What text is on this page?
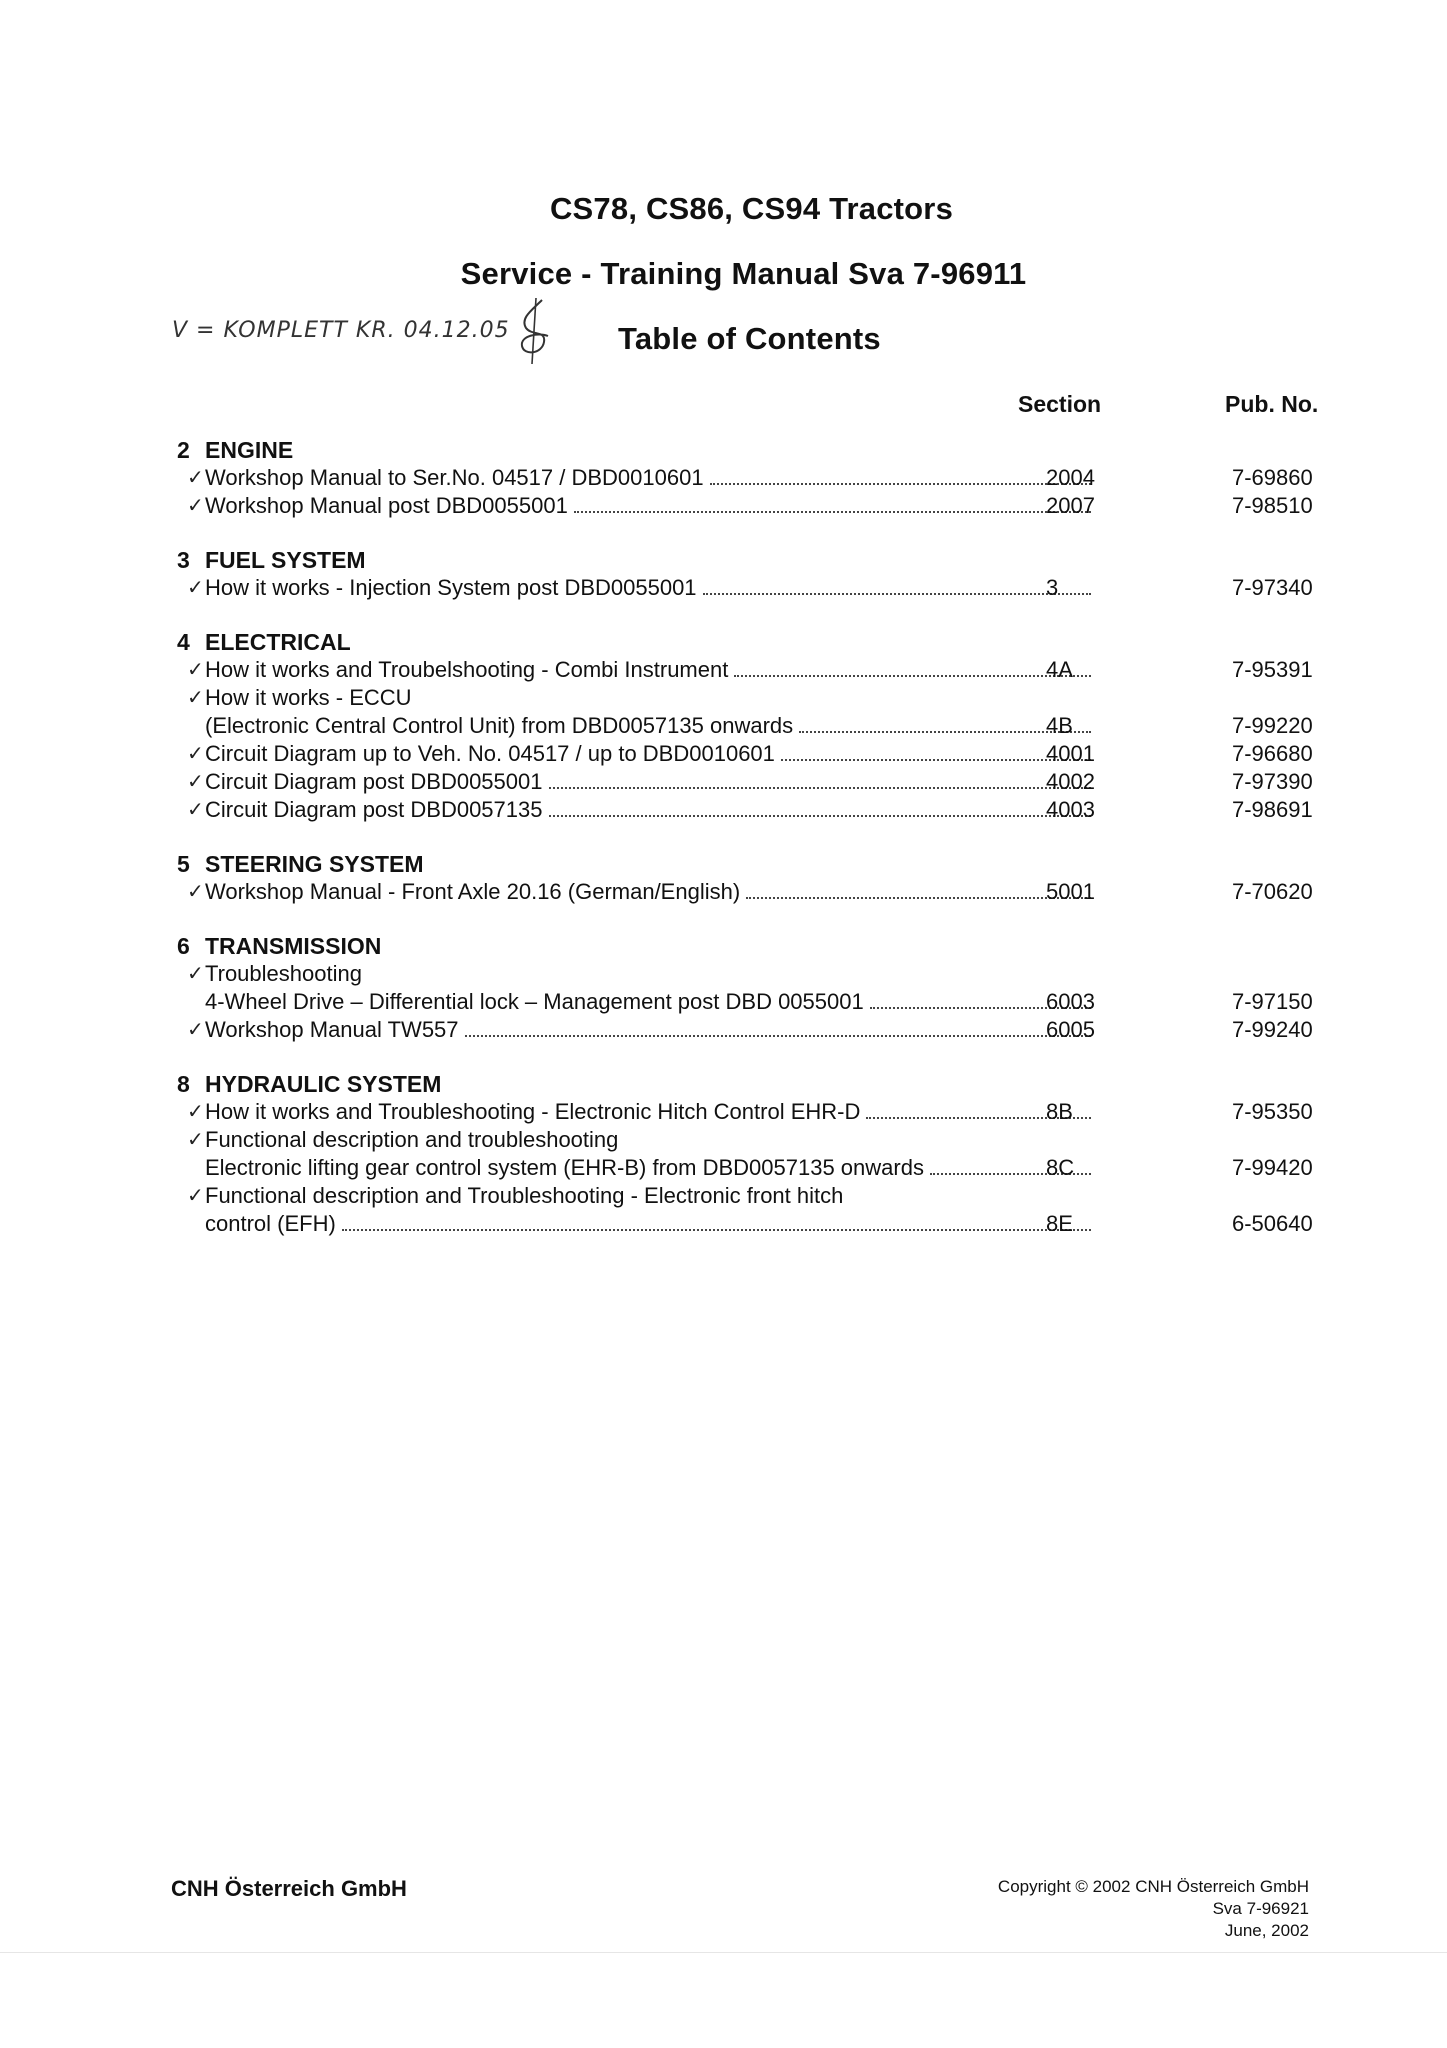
CS78, CS86, CS94 Tractors
Service - Training Manual Sva 7-96911
V = KOMPLETT KR. 04.12.05	Table of Contents
Section	Pub. No.
2 ENGINE
✓ Workshop Manual to Ser.No. 04517 / DBD0010601	2004	7-69860
✓ Workshop Manual post DBD0055001	2007	7-98510
3 FUEL SYSTEM
✓ How it works - Injection System post DBD0055001	3	7-97340
4 ELECTRICAL
✓ How it works and Troubelshooting - Combi Instrument	4A	7-95391
✓ How it works - ECCU
(Electronic Central Control Unit) from DBD0057135 onwards	4B	7-99220
✓ Circuit Diagram up to Veh. No. 04517 / up to DBD0010601	4001	7-96680
✓ Circuit Diagram post DBD0055001	4002	7-97390
✓ Circuit Diagram post DBD0057135	4003	7-98691
5 STEERING SYSTEM
✓ Workshop Manual - Front Axle 20.16 (German/English)	5001	7-70620
6 TRANSMISSION
✓ Troubleshooting
4-Wheel Drive – Differential lock – Management post DBD 0055001	6003	7-97150
✓ Workshop Manual TW557	6005	7-99240
8 HYDRAULIC SYSTEM
✓ How it works and Troubleshooting - Electronic Hitch Control EHR-D	8B	7-95350
✓ Functional description and troubleshooting
Electronic lifting gear control system (EHR-B) from DBD0057135 onwards	8C	7-99420
✓ Functional description and Troubleshooting - Electronic front hitch
control (EFH)	8E	6-50640
CNH Österreich GmbH	Copyright © 2002 CNH Österreich GmbH
Sva 7-96921
June, 2002
